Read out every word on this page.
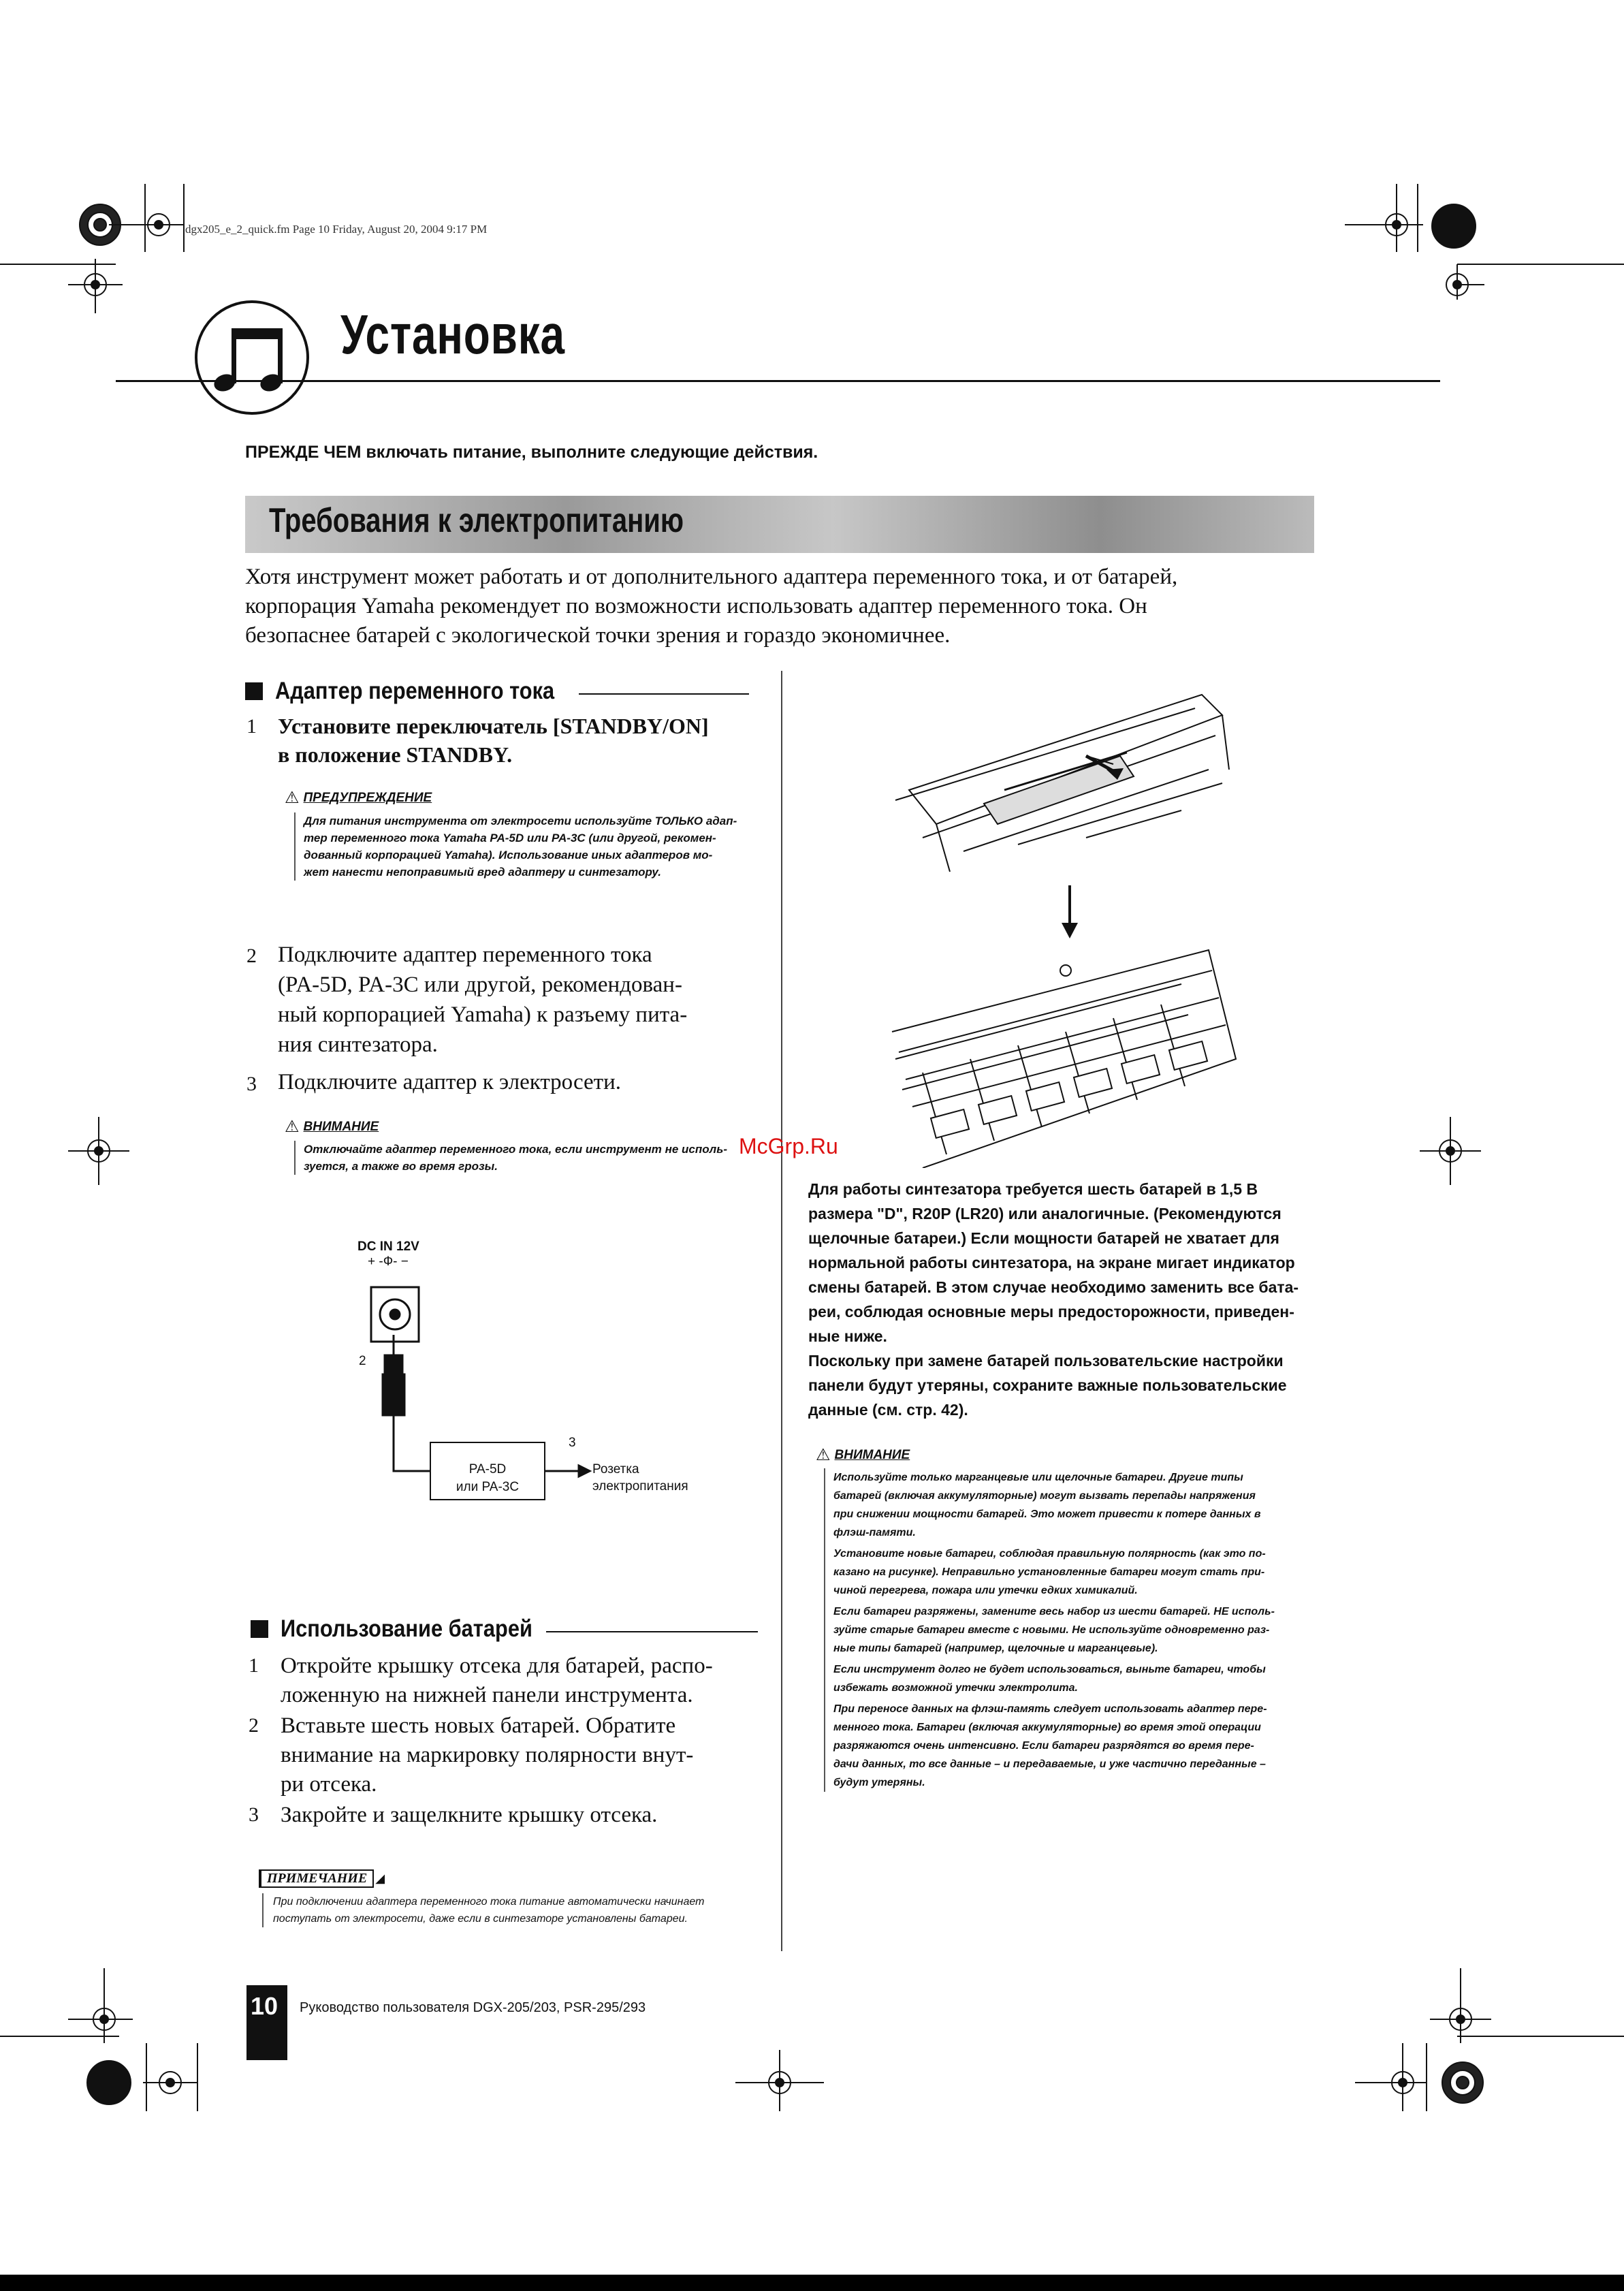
dgx205_e_2_quick.fm Page 10 Friday, August 20, 2004 9:17 PM
Установка
ПРЕЖДЕ ЧЕМ включать питание, выполните следующие действия.
Требования к электропитанию
Хотя инструмент может работать и от дополнительного адаптера переменного тока, и от батарей,
корпорация Yamaha рекомендует по возможности использовать адаптер переменного тока. Он
безопаснее батарей с экологической точки зрения и гораздо экономичнее.
Адаптер переменного тока
1 Установите переключатель [STANDBY/ON]
в положение STANDBY.
⚠ ПРЕДУПРЕЖДЕНИЕ
Для питания инструмента от электросети используйте ТОЛЬКО адап-
тер переменного тока Yamaha PA-5D или PA-3C (или другой, рекомен-
дованный корпорацией Yamaha). Использование иных адаптеров мо-
жет нанести непоправимый вред адаптеру и синтезатору.
2 Подключите адаптер переменного тока
(PA-5D, PA-3C или другой, рекомендован-
ный корпорацией Yamaha) к разъему пита-
ния синтезатора.
3 Подключите адаптер к электросети.
⚠ ВНИМАНИЕ
Отключайте адаптер переменного тока, если инструмент не исполь-
зуется, а также во время грозы.
DC IN 12V
+ -Ф- −
2
3
PA-5D
или PA-3C
Розетка
электропитания
Использование батарей
1 Откройте крышку отсека для батарей, распо-
ложенную на нижней панели инструмента.
2 Вставьте шесть новых батарей. Обратите
внимание на маркировку полярности внут-
ри отсека.
3 Закройте и защелкните крышку отсека.
ПРИМЕЧАНИЕ ◢
При подключении адаптера переменного тока питание автоматически начинает
поступать от электросети, даже если в синтезаторе установлены батареи.
McGrp.Ru
Для работы синтезатора требуется шесть батарей в 1,5 В
размера "D", R20P (LR20) или аналогичные. (Рекомендуются
щелочные батареи.) Если мощности батарей не хватает для
нормальной работы синтезатора, на экране мигает индикатор
смены батарей. В этом случае необходимо заменить все бата-
реи, соблюдая основные меры предосторожности, приведен-
ные ниже.
Поскольку при замене батарей пользовательские настройки
панели будут утеряны, сохраните важные пользовательские
данные (см. стр. 42).
⚠ ВНИМАНИЕ
Используйте только марганцевые или щелочные батареи. Другие типы
батарей (включая аккумуляторные) могут вызвать перепады напряжения
при снижении мощности батарей. Это может привести к потере данных в
флэш-памяти.
Установите новые батареи, соблюдая правильную полярность (как это по-
казано на рисунке). Неправильно установленные батареи могут стать при-
чиной перегрева, пожара или утечки едких химикалий.
Если батареи разряжены, замените весь набор из шести батарей. НЕ исполь-
зуйте старые батареи вместе с новыми. Не используйте одновременно раз-
ные типы батарей (например, щелочные и марганцевые).
Если инструмент долго не будет использоваться, выньте батареи, чтобы
избежать возможной утечки электролита.
При переносе данных на флэш-память следует использовать адаптер пере-
менного тока. Батареи (включая аккумуляторные) во время этой операции
разряжаются очень интенсивно. Если батареи разрядятся во время пере-
дачи данных, то все данные – и передаваемые, и уже частично переданные –
будут утеряны.
10 Руководство пользователя DGX-205/203, PSR-295/293
